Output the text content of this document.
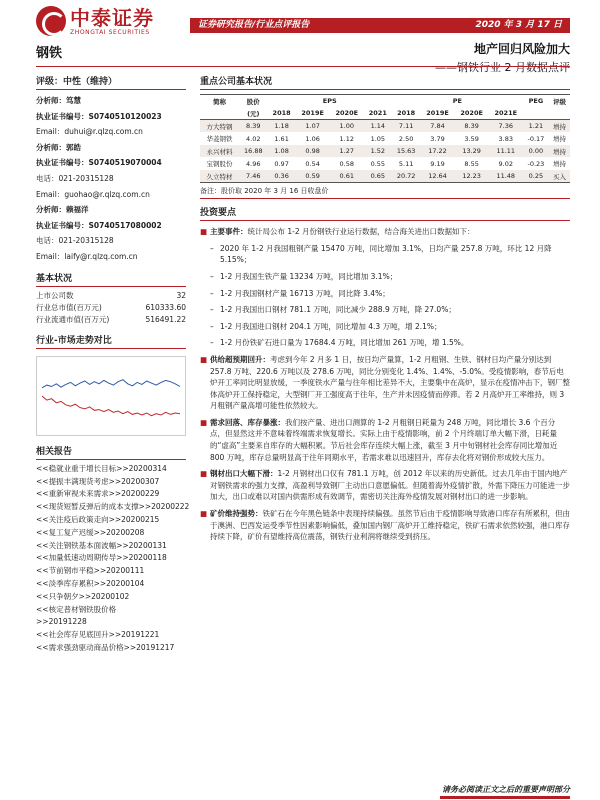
中泰证券
ZHONGTAI SECURITIES
钢铁
证券研究报告/行业点评报告	2020 年 3 月 17 日
地产回归风险加大
——钢铁行业 2 月数据点评
评级：中性（维持）
分析师：笃慧
执业证书编号：S0740510120023
Email：duhui@r.qlzq.com.cn
分析师：郭皓
执业证书编号：S0740519070004
电话：021-20315128
Email：guohao@r.qlzq.com.cn
分析师：赖福洋
执业证书编号：S0740517080002
电话：021-20315128
Email：laify@r.qlzq.com.cn
基本状况
上市公司数	32
行业总市值(百万元)	610333.60
行业流通市值(百万元)	516491.22
行业-市场走势对比
相关报告
<<稳就业重于增长目标>>20200314
<<提振丰满现货考虑>>20200307
<<重新审视未来需求>>20200229
<<现货短暂反弹后的成本支撑>>20200222
<<关注疫后政策走向>>20200215
<<复工复产迟缓>>20200208
<<关注钢铁基本面波幅>>20200131
<<加量低速动周期传导>>20200118
<<节前钢市平稳>>20200111
<<淡季库存累积>>20200104
<<只争朝夕>>20200102
<<核定普材钢铁股价格
>>20191228
<<社会库存见底回升>>20191221
<<需求强劲驱动商品价格>>20191217
重点公司基本状况
简称	股价	EPS				PE				PEG	评级
	(元)	2018	2019E	2020E	2021	2018	2019E	2020E	2021E		
方大特钢	8.39	1.18	1.07	1.00	1.14	7.11	7.84	8.39	7.36	1.21	增持
华菱钢铁	4.02	1.61	1.06	1.12	1.05	2.50	3.79	3.59	3.83	-0.17	增持
永兴材料	16.88	1.08	0.98	1.27	1.52	15.63	17.22	13.29	11.11	0.00	增持
宝钢股份	4.96	0.97	0.54	0.58	0.55	5.11	9.19	8.55	9.02	-0.23	增持
久立特材	7.46	0.36	0.59	0.61	0.65	20.72	12.64	12.23	11.48	0.25	买入
备注：股价取 2020 年 3 月 16 日收盘价
投资要点
■ 主要事件：统计局公布 1-2 月份钢铁行业运行数据，结合海关进出口数据如下：
– 2020 年 1-2 月我国粗钢产量 15470 万吨，同比增加 3.1%，日均产量 257.8 万吨，环比 12 月降 5.15%；
– 1-2 月我国生铁产量 13234 万吨，同比增加 3.1%；
– 1-2 月我国钢材产量 16713 万吨，同比降 3.4%；
– 1-2 月我国出口钢材 781.1 万吨，同比减少 288.9 万吨，降 27.0%；
– 1-2 月我国进口钢材 204.1 万吨，同比增加 4.3 万吨，增 2.1%；
– 1-2 月份铁矿石进口量为 17684.4 万吨，同比增加 261 万吨，增 1.5%。
■ 供给超预期回升：考虑到今年 2 月多 1 日，按日均产量算，1-2 月粗钢、生铁、钢材日均产量分别达到 257.8 万吨、220.6 万吨以及 278.6 万吨，同比分别变化 1.4%、1.4%、-5.0%。受疫情影响，春节后电炉开工率同比明显放缓，一季度铁水产量与往年相比差异不大，主要集中在高炉，显示在疫情冲击下，钢厂整体高炉开工保持稳定，大型钢厂开工强度高于往年，生产并未因疫情而停滞。若 2 月高炉开工率维持，则 3 月粗钢产量高增可能性依然较大。
■ 需求回落、库存暴涨：我们按产量、进出口测算的 1-2 月粗钢日耗量为 248 万吨，同比增长 3.6 个百分点，但显然这并不意味着终端需求恢复增长。实际上由于疫情影响，前 2 个月终端订单大幅下滑，日耗量的“虚高”主要来自库存的大幅积累。节后社会库存连续大幅上涨，截至 3 月中旬钢材社会库存同比增加近 800 万吨，库存总量明显高于往年同期水平，若需求难以迅速回升，库存去化将对钢价形成较大压力。
■ 钢材出口大幅下滑：1-2 月钢材出口仅有 781.1 万吨，创 2012 年以来的历史新低。过去几年由于国内地产对钢铁需求的强力支撑，高盈利导致钢厂主动出口意愿偏低。但随着海外疫情扩散，外需下降压力可能进一步加大，出口或难以对国内供需形成有效调节，需密切关注海外疫情发展对钢材出口的进一步影响。
■ 矿价维持强势：铁矿石在今年黑色链条中表现持续偏强。虽然节后由于疫情影响导致港口库存有所累积，但由于澳洲、巴西发运受季节性因素影响偏低，叠加国内钢厂高炉开工维持稳定，铁矿石需求依然较强，港口库存持续下降，矿价有望维持高位震荡，钢铁行业利润将继续受到挤压。
请务必阅读正文之后的重要声明部分
